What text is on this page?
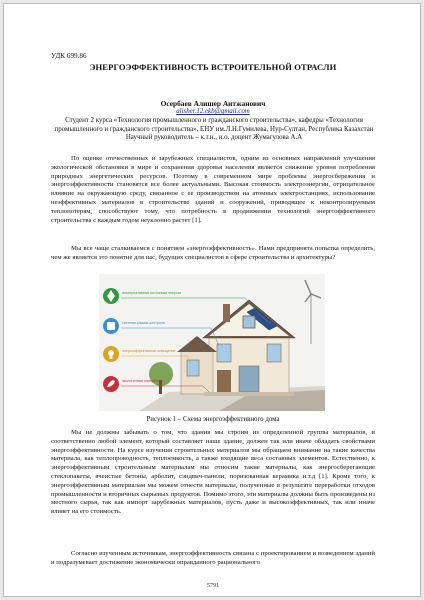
УДК 699.86
ЭНЕРГОЭФФЕКТИВНОСТЬ ВСТРОИТЕЛЬНОЙ ОТРАСЛИ
Осербаев Алишер Аитжанович
alisher.12.ekb@gmail.com
Студент 2 курса «Технология промышленного и гражданского строительства», кафедры «Технология промышленного и гражданского строительства», ЕНУ им.Л.Н.Гумилева, Нур-Султан, Республика Казахстан Научный руководитель – к.т.н., и.о. доцент Жумагулова А.А
По оценке отечественных и зарубежных специалистов, одним из основных направлений улучшения экологической обстановки в мире и сохранения здоровья населения является снижение уровня потребления природных энергетических ресурсов. Поэтому в современном мире проблемы энергосбережения и энергоэффективности становятся все более актуальными. Высокая стоимость электроэнергии, отрицательное влияние на окружающую среду, связанное с ее производством на атомных электростанциях, использование неэффективных материалов в строительстве зданий и сооружений, приводящее к неконтролируемым теплопотерям, способствуют тому, что потребность в продвижении технологий энергоэффективного строительства с каждым годом неуклонно растет [1].
Мы все чаще сталкиваемся с понятием «энергоэффективность». Нами предпринята попытка определить, чем же является это понятие для нас, будущих специалистов в сфере строительства и архитектуры?
альтернативные источники энергии
система климат-контроля
энергоэффективное освещение
экологичные материалы
Рисунок 1 – Схема энергоэффективного дома
Мы не должны забывать о том, что здания мы строим из определенной группы материалов, и соответственно любой элемент, который составляет наше здание, должен так или иначе обладать свойствами энергоэффективности. На курсе изучения строительных материалов мы обращаем внимание на такие качества материала, как теплопроводность, теплоемкость, а также входящие веса составных элементов. Естественно, к энергоэффективным строительным материалам мы относим такие материалы, как энергосберегающие стеклопакеты, ячеистые бетоны, арболит, сэндвич-панели, поризованная керамика и.т.д [1]. Кроме того, к энергоэффективным материалам мы можем отнести материалы, полученные в результате переработки отходов промышленности и вторичных сырьевых продуктов. Помимо этого, эти материалы должны быть произведены из местного сырья, так как импорт зарубежных материалов, пусть даже и высокоэффективных, так или иначе влияет на его стоимость.
Согласно изученным источникам, энергоэффективность связана с проектированием и возведением зданий и подразумевает достижение экономически оправданного рационального
5791
